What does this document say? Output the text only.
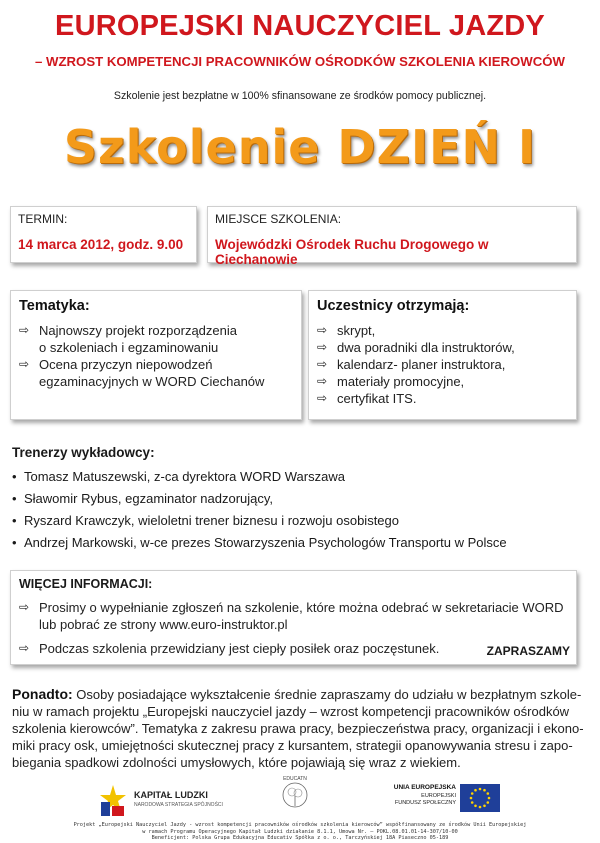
EUROPEJSKI NAUCZYCIEL JAZDY
– WZROST KOMPETENCJI PRACOWNIKÓW OŚRODKÓW SZKOLENIA KIEROWCÓW
Szkolenie jest bezpłatne w 100% sfinansowane ze środków pomocy publicznej.
Szkolenie DZIEŃ I
TERMIN:
14 marca 2012, godz. 9.00
MIEJSCE SZKOLENIA:
Wojewódzki Ośrodek Ruchu Drogowego w Ciechanowie
Tematyka:
⇨ Najnowszy projekt rozporządzenia
o szkoleniach i egzaminowaniu
⇨ Ocena przyczyn niepowodzeń
egzaminacyjnych w WORD Ciechanów
Uczestnicy otrzymają:
⇨ skrypt,
⇨ dwa poradniki dla instruktorów,
⇨ kalendarz- planer instruktora,
⇨ materiały promocyjne,
⇨ certyfikat ITS.
Trenerzy wykładowcy:
• Tomasz Matuszewski, z-ca dyrektora WORD Warszawa
• Sławomir Rybus, egzaminator nadzorujący,
• Ryszard Krawczyk, wieloletni trener biznesu i rozwoju osobistego
• Andrzej Markowski, w-ce prezes Stowarzyszenia Psychologów Transportu w Polsce
WIĘCEJ INFORMACJI:
⇨ Prosimy o wypełnianie zgłoszeń na szkolenie, które można odebrać w sekretariacie WORD
lub pobrać ze strony www.euro-instruktor.pl
⇨ Podczas szkolenia przewidziany jest ciepły posiłek oraz poczęstunek.	ZAPRASZAMY
Ponadto: Osoby posiadające wykształcenie średnie zapraszamy do udziału w bezpłatnym szkole-
niu w ramach projektu „Europejski nauczyciel jazdy – wzrost kompetencji pracowników ośrodków
szkolenia kierowców”. Tematyka z zakresu prawa pracy, bezpieczeństwa pracy, organizacji i ekono-
miki pracy osk, umiejętności skutecznej pracy z kursantem, strategii opanowywania stresu i zapo-
biegania spadkowi zdolności umysłowych, które pojawiają się wraz z wiekiem.
KAPITAŁ LUDZKI
NARODOWA STRATEGIA SPÓJNOŚCI
EDUCATN
UNIA EUROPEJSKA
EUROPEJSKI
FUNDUSZ SPOŁECZNY
Projekt „Europejski Nauczyciel Jazdy - wzrost kompetencji pracowników ośrodków szkolenia kierowców” współfinansowany ze środków Unii Europejskiej
w ramach Programu Operacyjnego Kapitał Ludzki działanie 8.1.1, Umowa Nr. – POKL.08.01.01-14-307/10-00
Beneficjent: Polska Grupa Edukacyjna Educativ Spółka z o. o., Tarczyńskiej 18A Piaseczno 05-189
